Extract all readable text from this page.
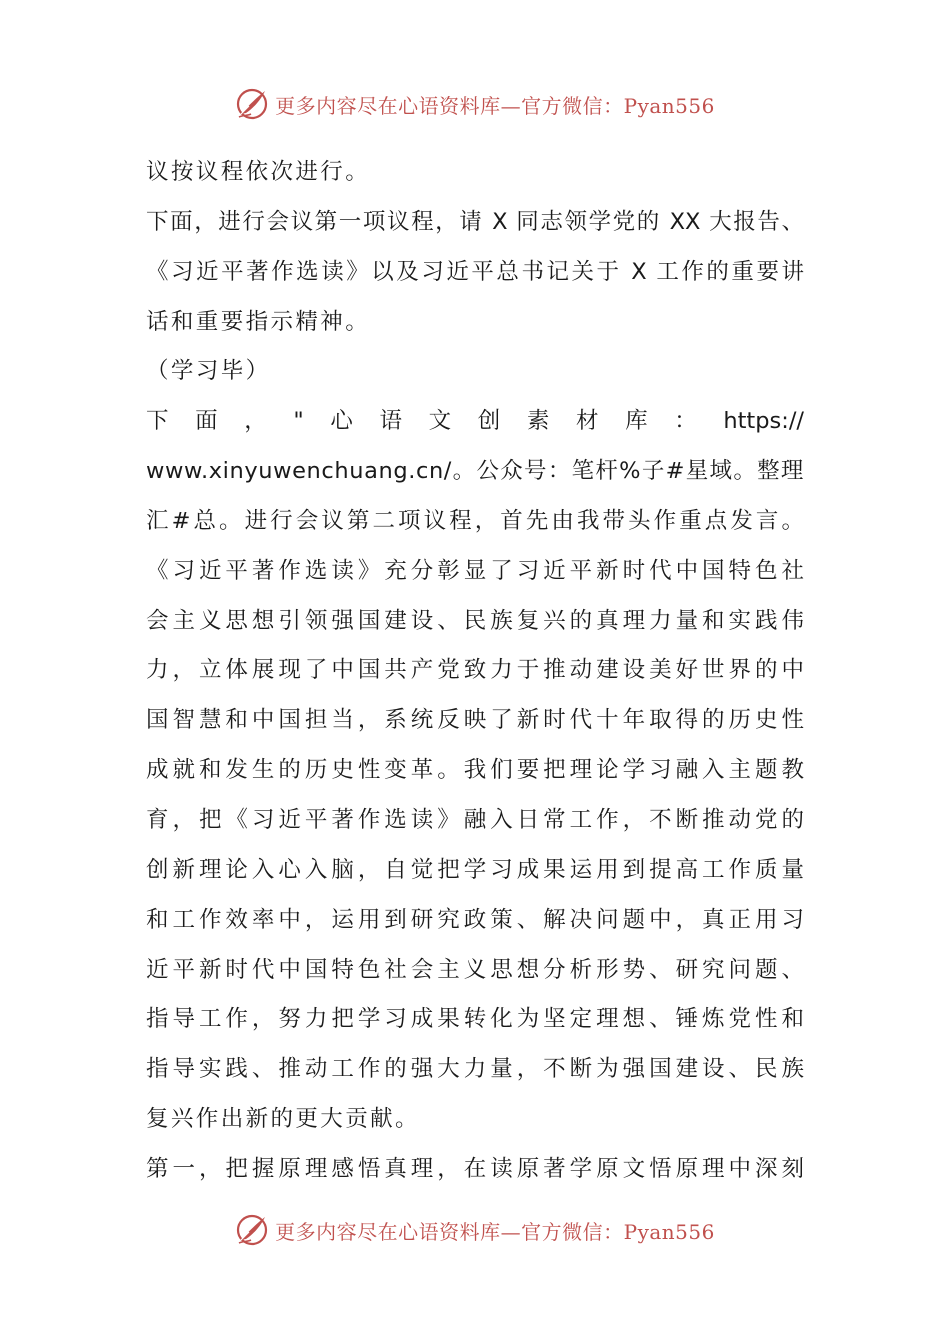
更多内容尽在心语资料库—官方微信：Pyan556
议按议程依次进行。
下面，进行会议第一项议程，请 X 同志领学党的 XX 大报告、
《习近平著作选读》以及习近平总书记关于 X 工作的重要讲
话和重要指示精神。
（学习毕）
下面，"心语文创素材库：https://
www.xinyuwenchuang.cn/。公众号：笔杆%子#星域。整理
汇#总。进行会议第二项议程，首先由我带头作重点发言。
《习近平著作选读》充分彰显了习近平新时代中国特色社
会主义思想引领强国建设、民族复兴的真理力量和实践伟
力，立体展现了中国共产党致力于推动建设美好世界的中
国智慧和中国担当，系统反映了新时代十年取得的历史性
成就和发生的历史性变革。我们要把理论学习融入主题教
育，把《习近平著作选读》融入日常工作，不断推动党的
创新理论入心入脑，自觉把学习成果运用到提高工作质量
和工作效率中，运用到研究政策、解决问题中，真正用习
近平新时代中国特色社会主义思想分析形势、研究问题、
指导工作，努力把学习成果转化为坚定理想、锤炼党性和
指导实践、推动工作的强大力量，不断为强国建设、民族
复兴作出新的更大贡献。
第一，把握原理感悟真理，在读原著学原文悟原理中深刻
更多内容尽在心语资料库—官方微信：Pyan556
